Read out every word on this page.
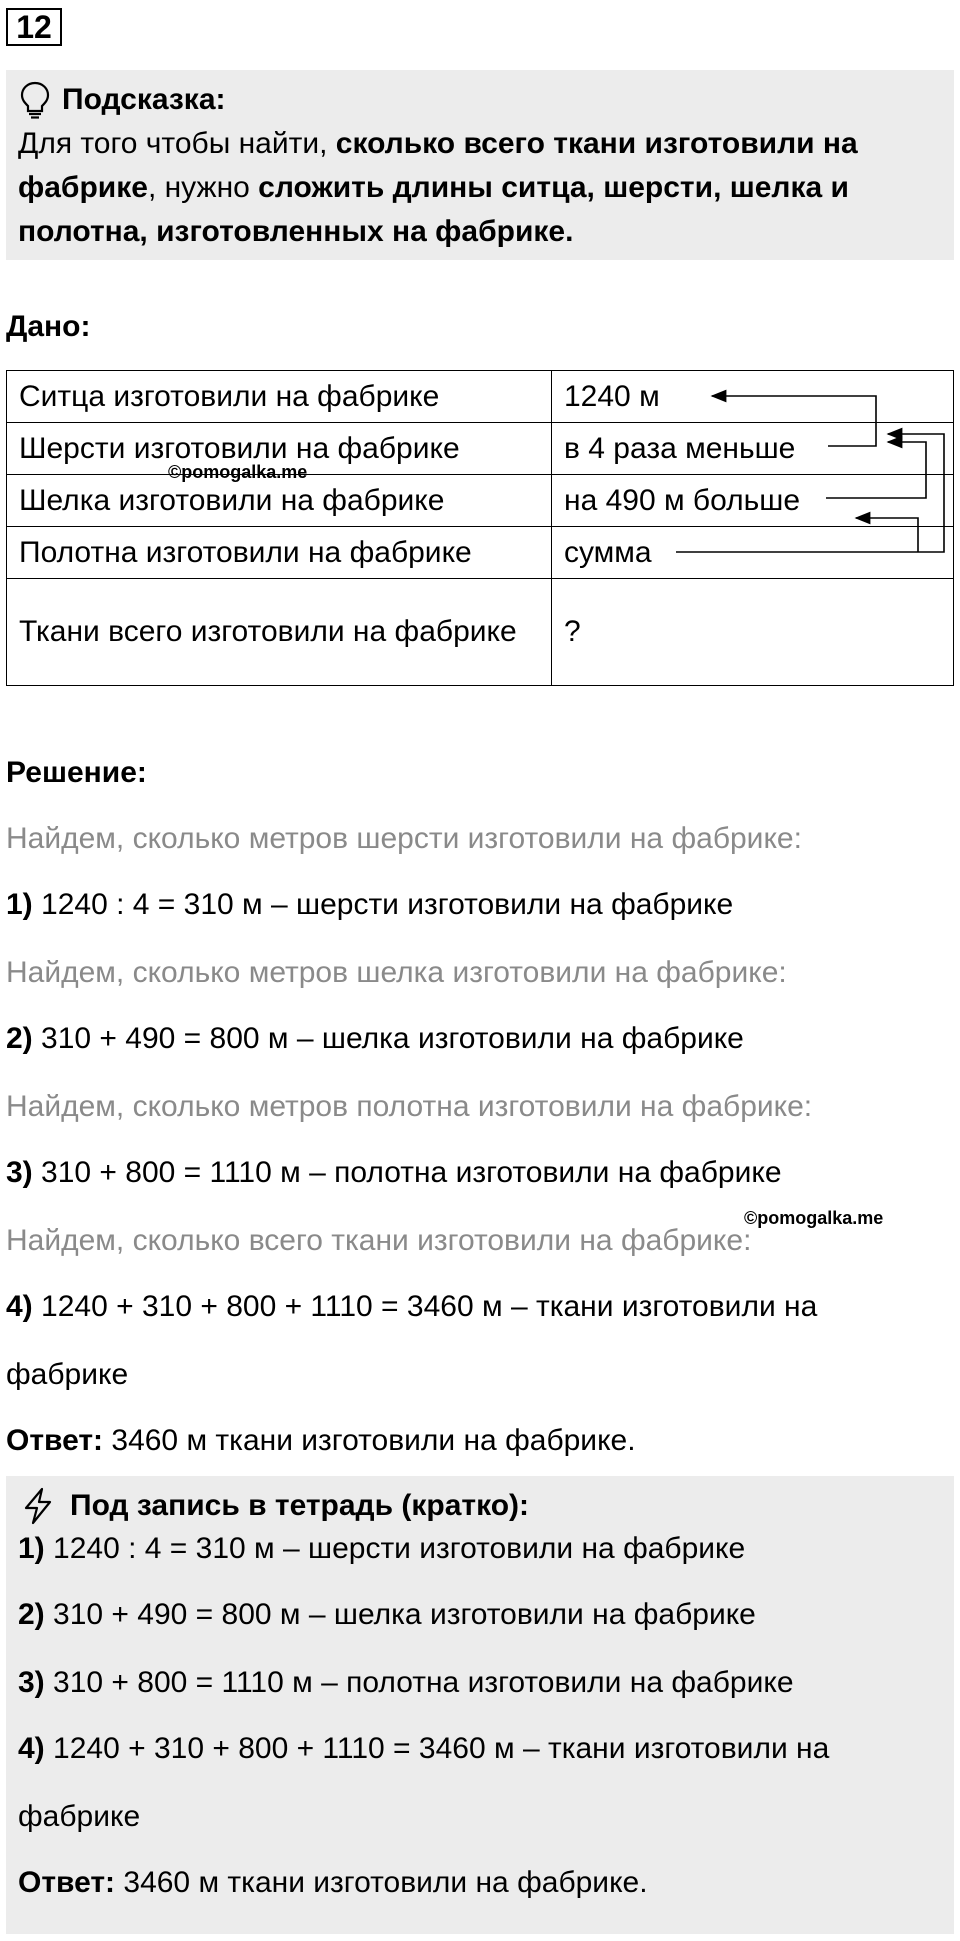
12
Подсказка:
Для того чтобы найти, сколько всего ткани изготовили на фабрике, нужно сложить длины ситца, шерсти, шелка и полотна, изготовленных на фабрике.
Дано:
Ситца изготовили на фабрике	1240 м
Шерсти изготовили на фабрике	в 4 раза меньше
Шелка изготовили на фабрике	на 490 м больше
Полотна изготовили на фабрике	сумма
Ткани всего изготовили на фабрике	?
©pomogalka.me
Решение:
Найдем, сколько метров шерсти изготовили на фабрике:
1) 1240 : 4 = 310 м – шерсти изготовили на фабрике
Найдем, сколько метров шелка изготовили на фабрике:
2) 310 + 490 = 800 м – шелка изготовили на фабрике
Найдем, сколько метров полотна изготовили на фабрике:
3) 310 + 800 = 1110 м – полотна изготовили на фабрике
©pomogalka.me
Найдем, сколько всего ткани изготовили на фабрике:
4) 1240 + 310 + 800 + 1110 = 3460 м – ткани изготовили на
фабрике
Ответ: 3460 м ткани изготовили на фабрике.
Под запись в тетрадь (кратко):
1) 1240 : 4 = 310 м – шерсти изготовили на фабрике
2) 310 + 490 = 800 м – шелка изготовили на фабрике
3) 310 + 800 = 1110 м – полотна изготовили на фабрике
4) 1240 + 310 + 800 + 1110 = 3460 м – ткани изготовили на
фабрике
Ответ: 3460 м ткани изготовили на фабрике.
